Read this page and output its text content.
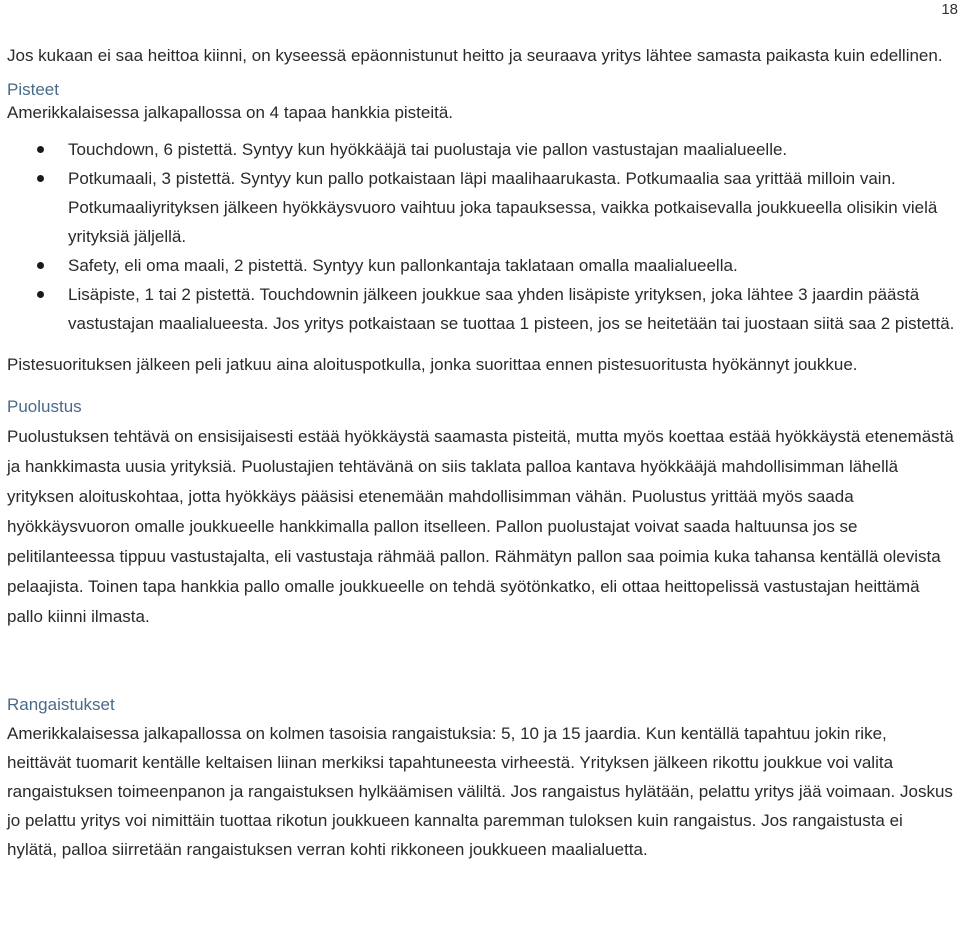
18

Jos kukaan ei saa heittoa kiinni, on kyseessä epäonnistunut heitto ja seuraava yritys lähtee samasta paikasta kuin edellinen.

Pisteet

Amerikkalaisessa jalkapallossa on 4 tapaa hankkia pisteitä.

Touchdown, 6 pistettä. Syntyy kun hyökkääjä tai puolustaja vie pallon vastustajan maalialueelle.
Potkumaali, 3 pistettä. Syntyy kun pallo potkaistaan läpi maalihaarukasta. Potkumaalia saa yrittää milloin vain. Potkumaaliyrityksen jälkeen hyökkäysvuoro vaihtuu joka tapauksessa, vaikka potkaisevalla joukkueella olisikin vielä yrityksiä jäljellä.
Safety, eli oma maali, 2 pistettä. Syntyy kun pallonkantaja taklataan omalla maalialueella.
Lisäpiste, 1 tai 2 pistettä. Touchdownin jälkeen joukkue saa yhden lisäpiste yrityksen, joka lähtee 3 jaardin päästä vastustajan maalialueesta. Jos yritys potkaistaan se tuottaa 1 pisteen, jos se heitetään tai juostaan siitä saa 2 pistettä.

Pistesuorituksen jälkeen peli jatkuu aina aloituspotkulla, jonka suorittaa ennen pistesuoritusta hyökännyt joukkue.

Puolustus

Puolustuksen tehtävä on ensisijaisesti estää hyökkäystä saamasta pisteitä, mutta myös koettaa estää hyökkäystä etenemästä ja hankkimasta uusia yrityksiä. Puolustajien tehtävänä on siis taklata palloa kantava hyökkääjä mahdollisimman lähellä yrityksen aloituskohtaa, jotta hyökkäys pääsisi etenemään mahdollisimman vähän. Puolustus yrittää myös saada hyökkäysvuoron omalle joukkueelle hankkimalla pallon itselleen. Pallon puolustajat voivat saada haltuunsa jos se pelitilanteessa tippuu vastustajalta, eli vastustaja rähmää pallon. Rähmätyn pallon saa poimia kuka tahansa kentällä olevista pelaajista. Toinen tapa hankkia pallo omalle joukkueelle on tehdä syötönkatko, eli ottaa heittopelissä vastustajan heittämä pallo kiinni ilmasta.

Rangaistukset

Amerikkalaisessa jalkapallossa on kolmen tasoisia rangaistuksia: 5, 10 ja 15 jaardia. Kun kentällä tapahtuu jokin rike, heittävät tuomarit kentälle keltaisen liinan merkiksi tapahtuneesta virheestä. Yrityksen jälkeen rikottu joukkue voi valita rangaistuksen toimeenpanon ja rangaistuksen hylkäämisen väliltä. Jos rangaistus hylätään, pelattu yritys jää voimaan. Joskus jo pelattu yritys voi nimittäin tuottaa rikotun joukkueen kannalta paremman tuloksen kuin rangaistus. Jos rangaistusta ei hylätä, palloa siirretään rangaistuksen verran kohti rikkoneen joukkueen maalialuetta.
